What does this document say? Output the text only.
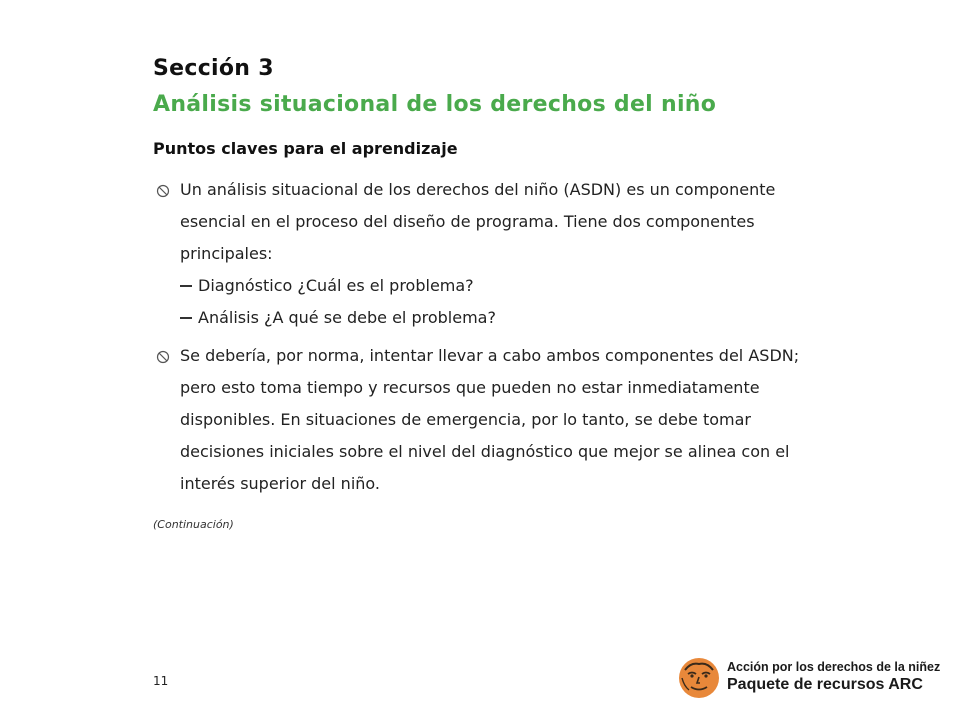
Sección 3
Análisis situacional de los derechos del niño
Puntos claves para el aprendizaje
Un análisis situacional de los derechos del niño (ASDN) es un componente
esencial en el proceso del diseño de programa. Tiene dos componentes
principales:
Diagnóstico ¿Cuál es el problema?
Análisis ¿A qué se debe el problema?
Se debería, por norma, intentar llevar a cabo ambos componentes del ASDN;
pero esto toma tiempo y recursos que pueden no estar inmediatamente
disponibles. En situaciones de emergencia, por lo tanto, se debe tomar
decisiones iniciales sobre el nivel del diagnóstico que mejor se alinea con el
interés superior del niño.
(Continuación)
11
Acción por los derechos de la niñez
Paquete de recursos ARC
